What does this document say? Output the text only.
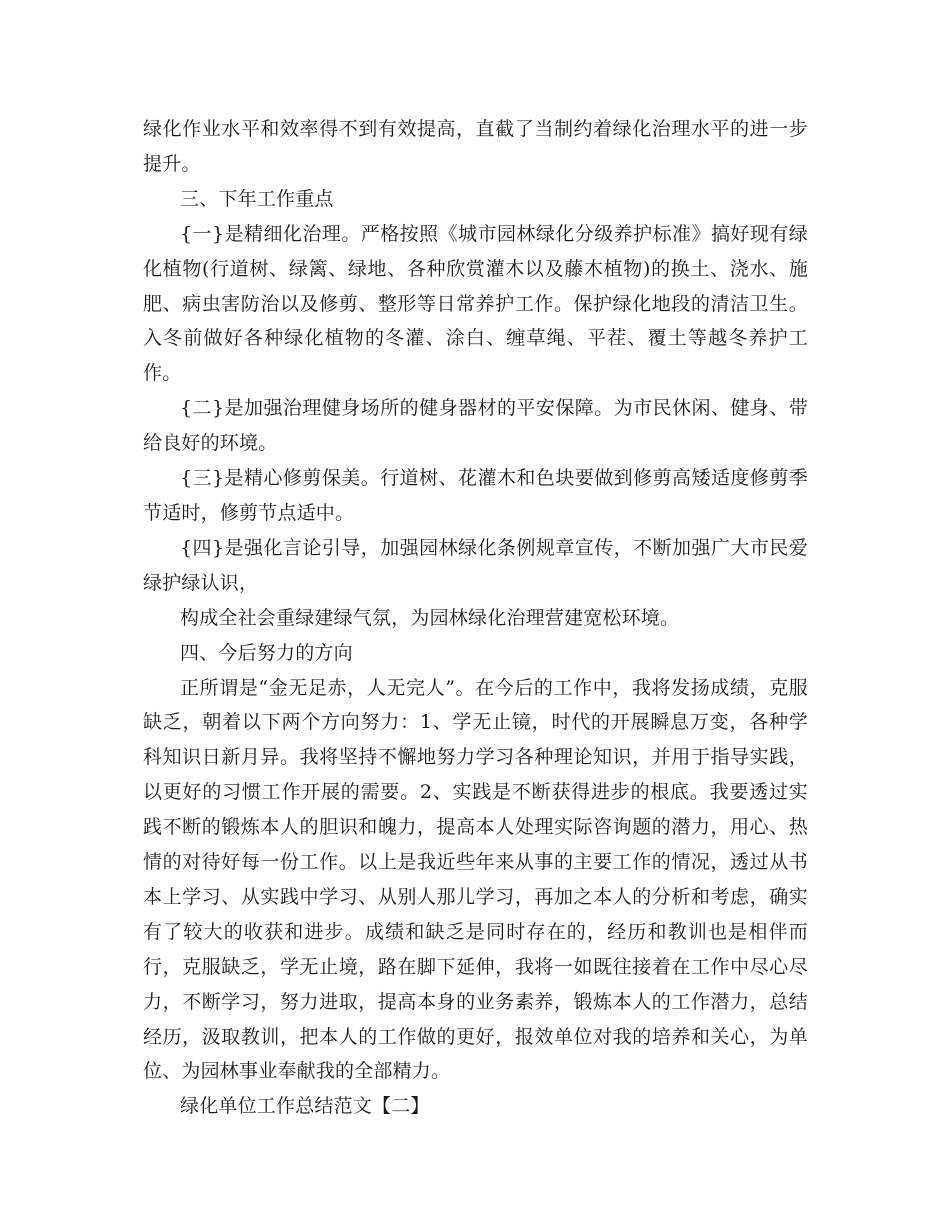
绿化作业水平和效率得不到有效提高，直截了当制约着绿化治理水平的进一步提升。

三、下年工作重点

{一}是精细化治理。严格按照《城市园林绿化分级养护标准》搞好现有绿化植物(行道树、绿篱、绿地、各种欣赏灌木以及藤木植物)的换土、浇水、施肥、病虫害防治以及修剪、整形等日常养护工作。保护绿化地段的清洁卫生。入冬前做好各种绿化植物的冬灌、涂白、缠草绳、平茬、覆土等越冬养护工作。

{二}是加强治理健身场所的健身器材的平安保障。为市民休闲、健身、带给良好的环境。

{三}是精心修剪保美。行道树、花灌木和色块要做到修剪高矮适度修剪季节适时，修剪节点适中。

{四}是强化言论引导，加强园林绿化条例规章宣传，不断加强广大市民爱绿护绿认识，

构成全社会重绿建绿气氛，为园林绿化治理营建宽松环境。

四、今后努力的方向

正所谓是“金无足赤，人无完人”。在今后的工作中，我将发扬成绩，克服缺乏，朝着以下两个方向努力：1、学无止镜，时代的开展瞬息万变，各种学科知识日新月异。我将坚持不懈地努力学习各种理论知识，并用于指导实践，以更好的习惯工作开展的需要。2、实践是不断获得进步的根底。我要透过实践不断的锻炼本人的胆识和魄力，提高本人处理实际咨询题的潜力，用心、热情的对待好每一份工作。以上是我近些年来从事的主要工作的情况，透过从书本上学习、从实践中学习、从别人那儿学习，再加之本人的分析和考虑，确实有了较大的收获和进步。成绩和缺乏是同时存在的，经历和教训也是相伴而行，克服缺乏，学无止境，路在脚下延伸，我将一如既往接着在工作中尽心尽力，不断学习，努力进取，提高本身的业务素养，锻炼本人的工作潜力，总结经历，汲取教训，把本人的工作做的更好，报效单位对我的培养和关心，为单位、为园林事业奉献我的全部精力。

绿化单位工作总结范文【二】
